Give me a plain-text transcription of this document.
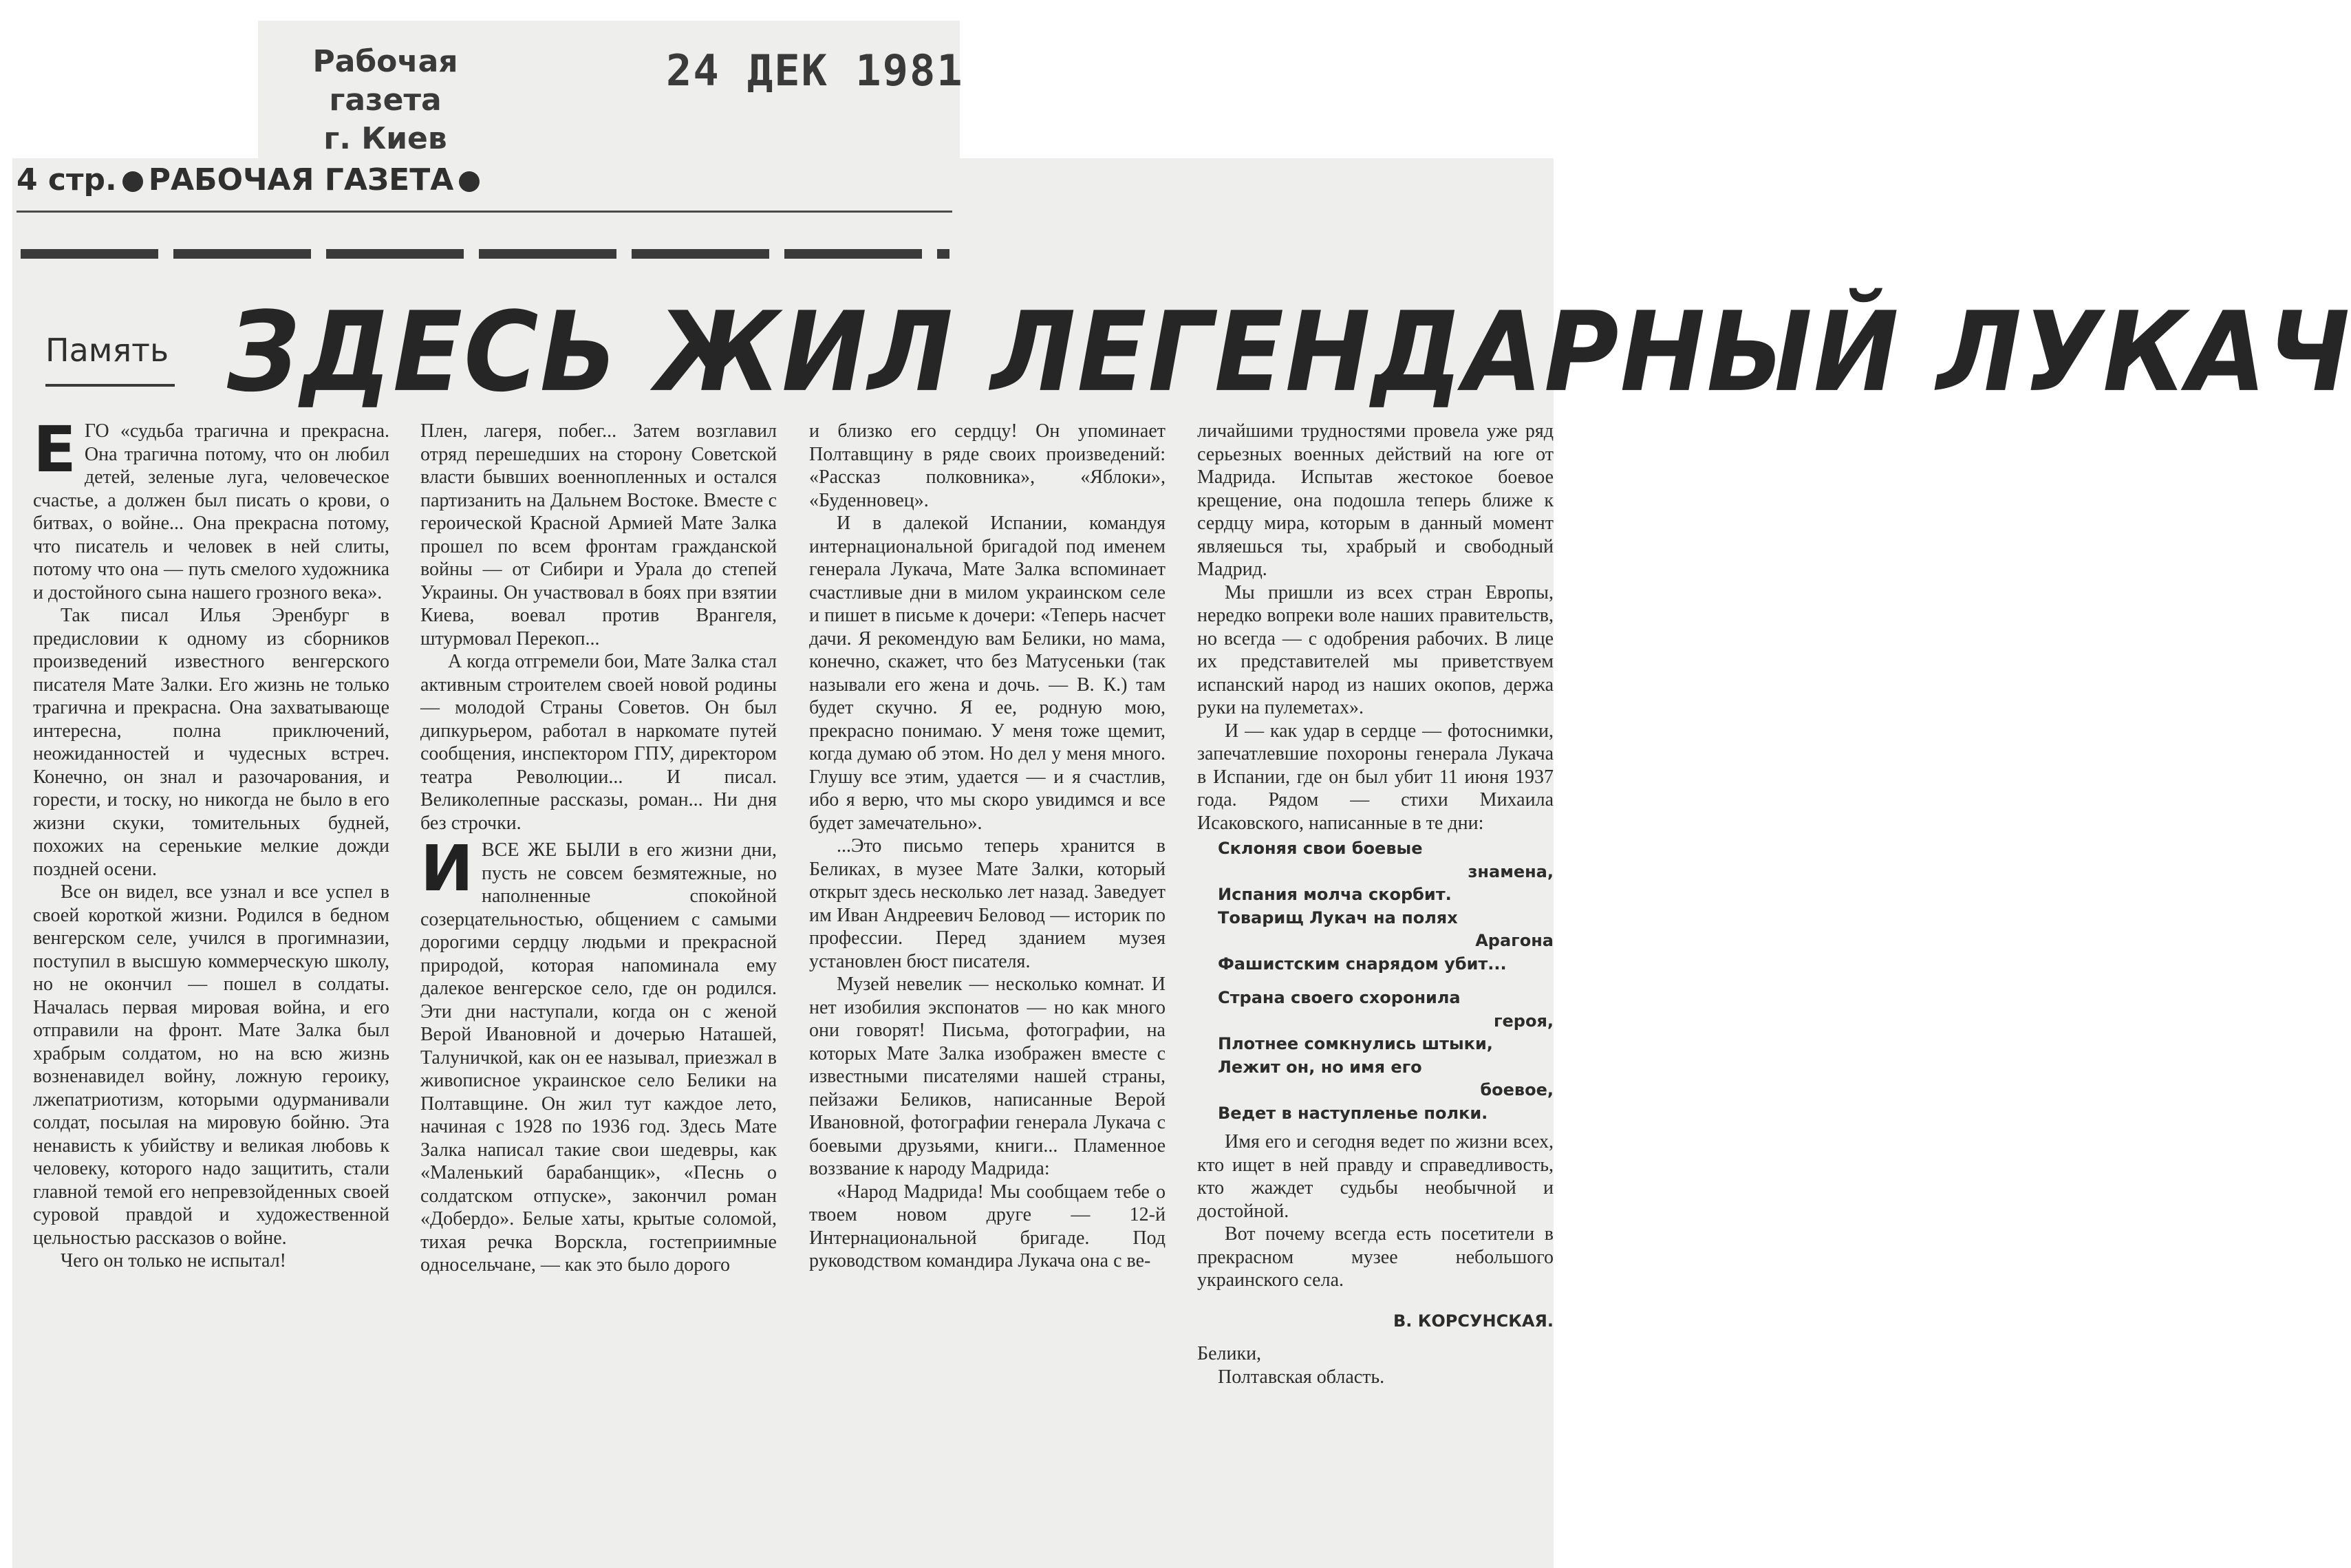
Рабочая газета
г. Киев
24 ДЕК 1981
4 стр. РАБОЧАЯ ГАЗЕТА
Память ЗДЕСЬ ЖИЛ ЛЕГЕНДАРНЫЙ ЛУКАЧ

ЕГО «судьба трагична и прекрасна. Она трагична потому, что он любил детей, зеленые луга, человеческое счастье, а должен был писать о крови, о битвах, о войне... Она прекрасна потому, что писатель и человек в ней слиты, потому что она — путь смелого художника и достойного сына нашего грозного века».

Так писал Илья Эренбург в предисловии к одному из сборников произведений известного венгерского писателя Мате Залки. Его жизнь не только трагична и прекрасна. Она захватывающе интересна, полна приключений, неожиданностей и чудесных встреч. Конечно, он знал и разочарования, и горести, и тоску, но никогда не было в его жизни скуки, томительных будней, похожих на серенькие мелкие дожди поздней осени.

Все он видел, все узнал и все успел в своей короткой жизни. Родился в бедном венгерском селе, учился в прогимназии, поступил в высшую коммерческую школу, но не окончил — пошел в солдаты. Началась первая мировая война, и его отправили на фронт. Мате Залка был храбрым солдатом, но на всю жизнь возненавидел войну, ложную героику, лжепатриотизм, которыми одурманивали солдат, посылая на мировую бойню. Эта ненависть к убийству и великая любовь к человеку, которого надо защитить, стали главной темой его непревзойденных своей суровой правдой и художественной цельностью рассказов о войне.

Чего он только не испытал!

Плен, лагеря, побег... Затем возглавил отряд перешедших на сторону Советской власти бывших военнопленных и остался партизанить на Дальнем Востоке. Вместе с героической Красной Армией Мате Залка прошел по всем фронтам гражданской войны — от Сибири и Урала до степей Украины. Он участвовал в боях при взятии Киева, воевал против Врангеля, штурмовал Перекоп...

А когда отгремели бои, Мате Залка стал активным строителем своей новой родины — молодой Страны Советов. Он был дипкурьером, работал в наркомате путей сообщения, инспектором ГПУ, директором театра Революции... И писал. Великолепные рассказы, роман... Ни дня без строчки.

ИВСЕ ЖЕ БЫЛИ в его жизни дни, пусть не совсем безмятежные, но наполненные спокойной созерцательностью, общением с самыми дорогими сердцу людьми и прекрасной природой, которая напоминала ему далекое венгерское село, где он родился. Эти дни наступали, когда он с женой Верой Ивановной и дочерью Наташей, Талуничкой, как он ее называл, приезжал в живописное украинское село Белики на Полтавщине. Он жил тут каждое лето, начиная с 1928 по 1936 год. Здесь Мате Залка написал такие свои шедевры, как «Маленький барабанщик», «Песнь о солдатском отпуске», закончил роман «Добердо». Белые хаты, крытые соломой, тихая речка Ворскла, гостеприимные односельчане, — как это было дорого

и близко его сердцу! Он упоминает Полтавщину в ряде своих произведений: «Рассказ полковника», «Яблоки», «Буденновец».

И в далекой Испании, командуя интернациональной бригадой под именем генерала Лукача, Мате Залка вспоминает счастливые дни в милом украинском селе и пишет в письме к дочери: «Теперь насчет дачи. Я рекомендую вам Белики, но мама, конечно, скажет, что без Матусеньки (так называли его жена и дочь. — В. К.) там будет скучно. Я ее, родную мою, прекрасно понимаю. У меня тоже щемит, когда думаю об этом. Но дел у меня много. Глушу все этим, удается — и я счастлив, ибо я верю, что мы скоро увидимся и все будет замечательно».

...Это письмо теперь хранится в Беликах, в музее Мате Залки, который открыт здесь несколько лет назад. Заведует им Иван Андреевич Беловод — историк по профессии. Перед зданием музея установлен бюст писателя.

Музей невелик — несколько комнат. И нет изобилия экспонатов — но как много они говорят! Письма, фотографии, на которых Мате Залка изображен вместе с известными писателями нашей страны, пейзажи Беликов, написанные Верой Ивановной, фотографии генерала Лукача с боевыми друзьями, книги... Пламенное воззвание к народу Мадрида:

«Народ Мадрида! Мы сообщаем тебе о твоем новом друге — 12-й Интернациональной бригаде. Под руководством командира Лукача она с ве-

личайшими трудностями провела уже ряд серьезных военных действий на юге от Мадрида. Испытав жестокое боевое крещение, она подошла теперь ближе к сердцу мира, которым в данный момент являешься ты, храбрый и свободный Мадрид.

Мы пришли из всех стран Европы, нередко вопреки воле наших правительств, но всегда — с одобрения рабочих. В лице их представителей мы приветствуем испанский народ из наших окопов, держа руки на пулеметах».

И — как удар в сердце — фотоснимки, запечатлевшие похороны генерала Лукача в Испании, где он был убит 11 июня 1937 года. Рядом — стихи Михаила Исаковского, написанные в те дни:

Склоняя свои боевые
знамена,
Испания молча скорбит.
Товарищ Лукач на полях
Арагона
Фашистским снарядом убит...
Страна своего схоронила
героя,
Плотнее сомкнулись штыки,
Лежит он, но имя его
боевое,
Ведет в наступленье полки.

Имя его и сегодня ведет по жизни всех, кто ищет в ней правду и справедливость, кто жаждет судьбы необычной и достойной.

Вот почему всегда есть посетители в прекрасном музее небольшого украинского села.

В. КОРСУНСКАЯ.
Белики,
Полтавская область.
